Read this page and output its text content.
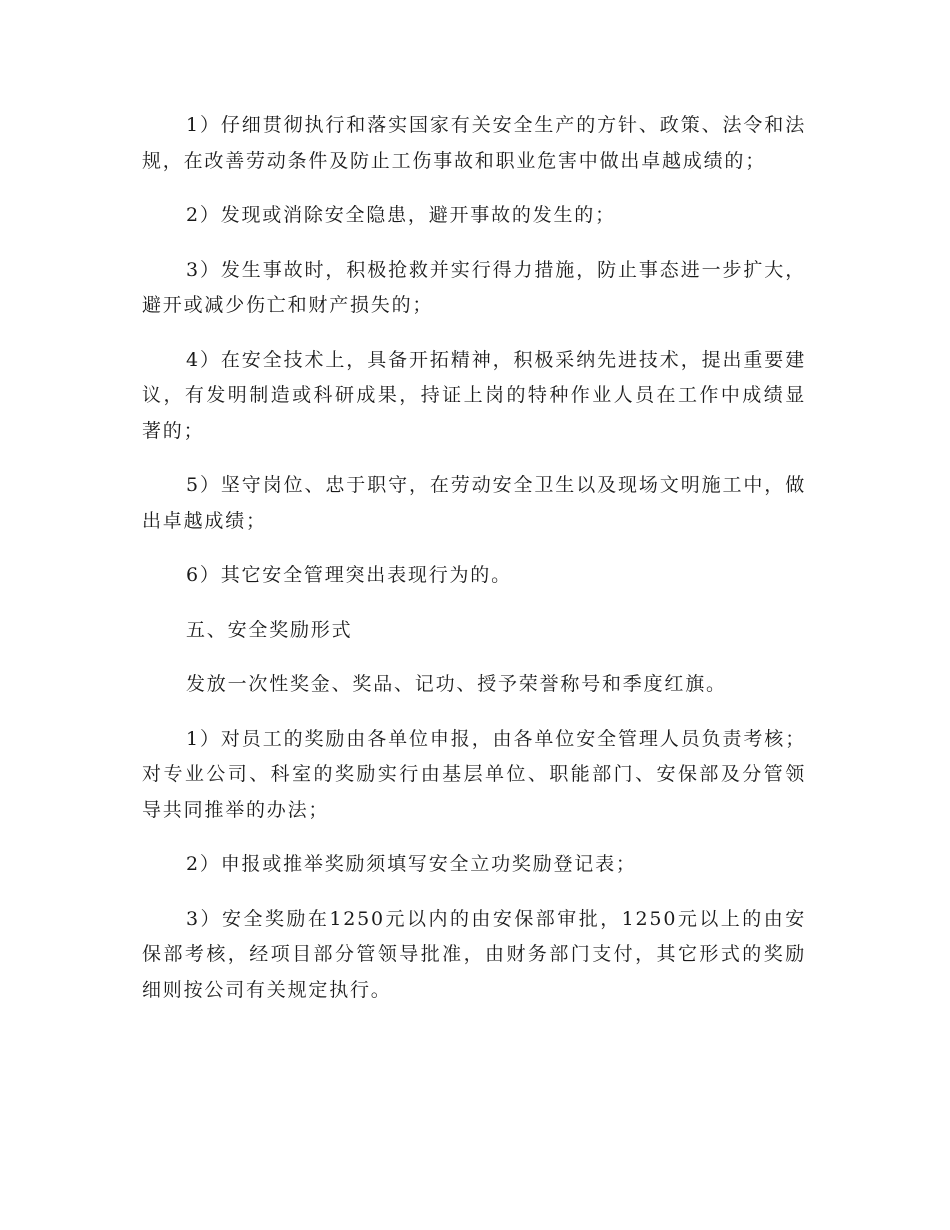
1）仔细贯彻执行和落实国家有关安全生产的方针、政策、法令和法规，在改善劳动条件及防止工伤事故和职业危害中做出卓越成绩的；

2）发现或消除安全隐患，避开事故的发生的；

3）发生事故时，积极抢救并实行得力措施，防止事态进一步扩大，避开或减少伤亡和财产损失的；

4）在安全技术上，具备开拓精神，积极采纳先进技术，提出重要建议，有发明制造或科研成果，持证上岗的特种作业人员在工作中成绩显著的；

5）坚守岗位、忠于职守，在劳动安全卫生以及现场文明施工中，做出卓越成绩；

6）其它安全管理突出表现行为的。

五、安全奖励形式

发放一次性奖金、奖品、记功、授予荣誉称号和季度红旗。

1）对员工的奖励由各单位申报，由各单位安全管理人员负责考核；对专业公司、科室的奖励实行由基层单位、职能部门、安保部及分管领导共同推举的办法；

2）申报或推举奖励须填写安全立功奖励登记表；

3）安全奖励在1250元以内的由安保部审批，1250元以上的由安保部考核，经项目部分管领导批准，由财务部门支付，其它形式的奖励细则按公司有关规定执行。
